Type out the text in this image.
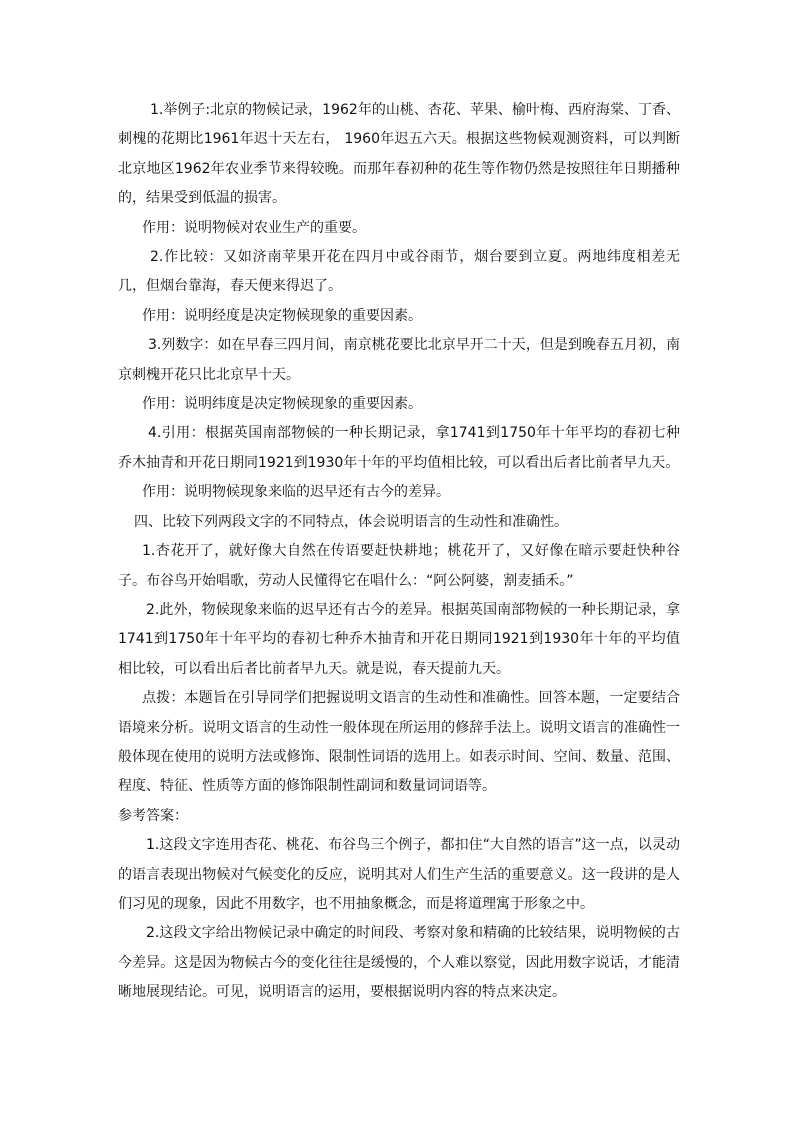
1.举例子:北京的物候记录，1962年的山桃、杏花、苹果、榆叶梅、西府海棠、丁香、刺槐的花期比1961年迟十天左右， 1960年迟五六天。根据这些物候观测资料，可以判断北京地区1962年农业季节来得较晚。而那年春初种的花生等作物仍然是按照往年日期播种的，结果受到低温的损害。

作用：说明物候对农业生产的重要。

2.作比较：又如济南苹果开花在四月中或谷雨节，烟台要到立夏。两地纬度相差无几，但烟台靠海，春天便来得迟了。

作用：说明经度是决定物候现象的重要因素。

3.列数字：如在早春三四月间，南京桃花要比北京早开二十天，但是到晚春五月初，南京刺槐开花只比北京早十天。

作用：说明纬度是决定物候现象的重要因素。

4.引用：根据英国南部物候的一种长期记录，拿1741到1750年十年平均的春初七种乔木抽青和开花日期同1921到1930年十年的平均值相比较，可以看出后者比前者早九天。

作用：说明物候现象来临的迟早还有古今的差异。

四、比较下列两段文字的不同特点，体会说明语言的生动性和准确性。

1.杏花开了，就好像大自然在传语要赶快耕地；桃花开了，又好像在暗示要赶快种谷子。布谷鸟开始唱歌，劳动人民懂得它在唱什么：“阿公阿婆，割麦插禾。”

2.此外，物候现象来临的迟早还有古今的差异。根据英国南部物候的一种长期记录，拿1741到1750年十年平均的春初七种乔木抽青和开花日期同1921到1930年十年的平均值相比较，可以看出后者比前者早九天。就是说，春天提前九天。

点拨：本题旨在引导同学们把握说明文语言的生动性和准确性。回答本题，一定要结合语境来分析。说明文语言的生动性一般体现在所运用的修辞手法上。说明文语言的准确性一般体现在使用的说明方法或修饰、限制性词语的选用上。如表示时间、空间、数量、范围、程度、特征、性质等方面的修饰限制性副词和数量词词语等。

参考答案：

1.这段文字连用杏花、桃花、布谷鸟三个例子，都扣住“大自然的语言”这一点，以灵动的语言表现出物候对气候变化的反应，说明其对人们生产生活的重要意义。这一段讲的是人们习见的现象，因此不用数字，也不用抽象概念，而是将道理寓于形象之中。

2.这段文字给出物候记录中确定的时间段、考察对象和精确的比较结果，说明物候的古今差异。这是因为物候古今的变化往往是缓慢的，个人难以察觉，因此用数字说话，才能清晰地展现结论。可见，说明语言的运用，要根据说明内容的特点来决定。
